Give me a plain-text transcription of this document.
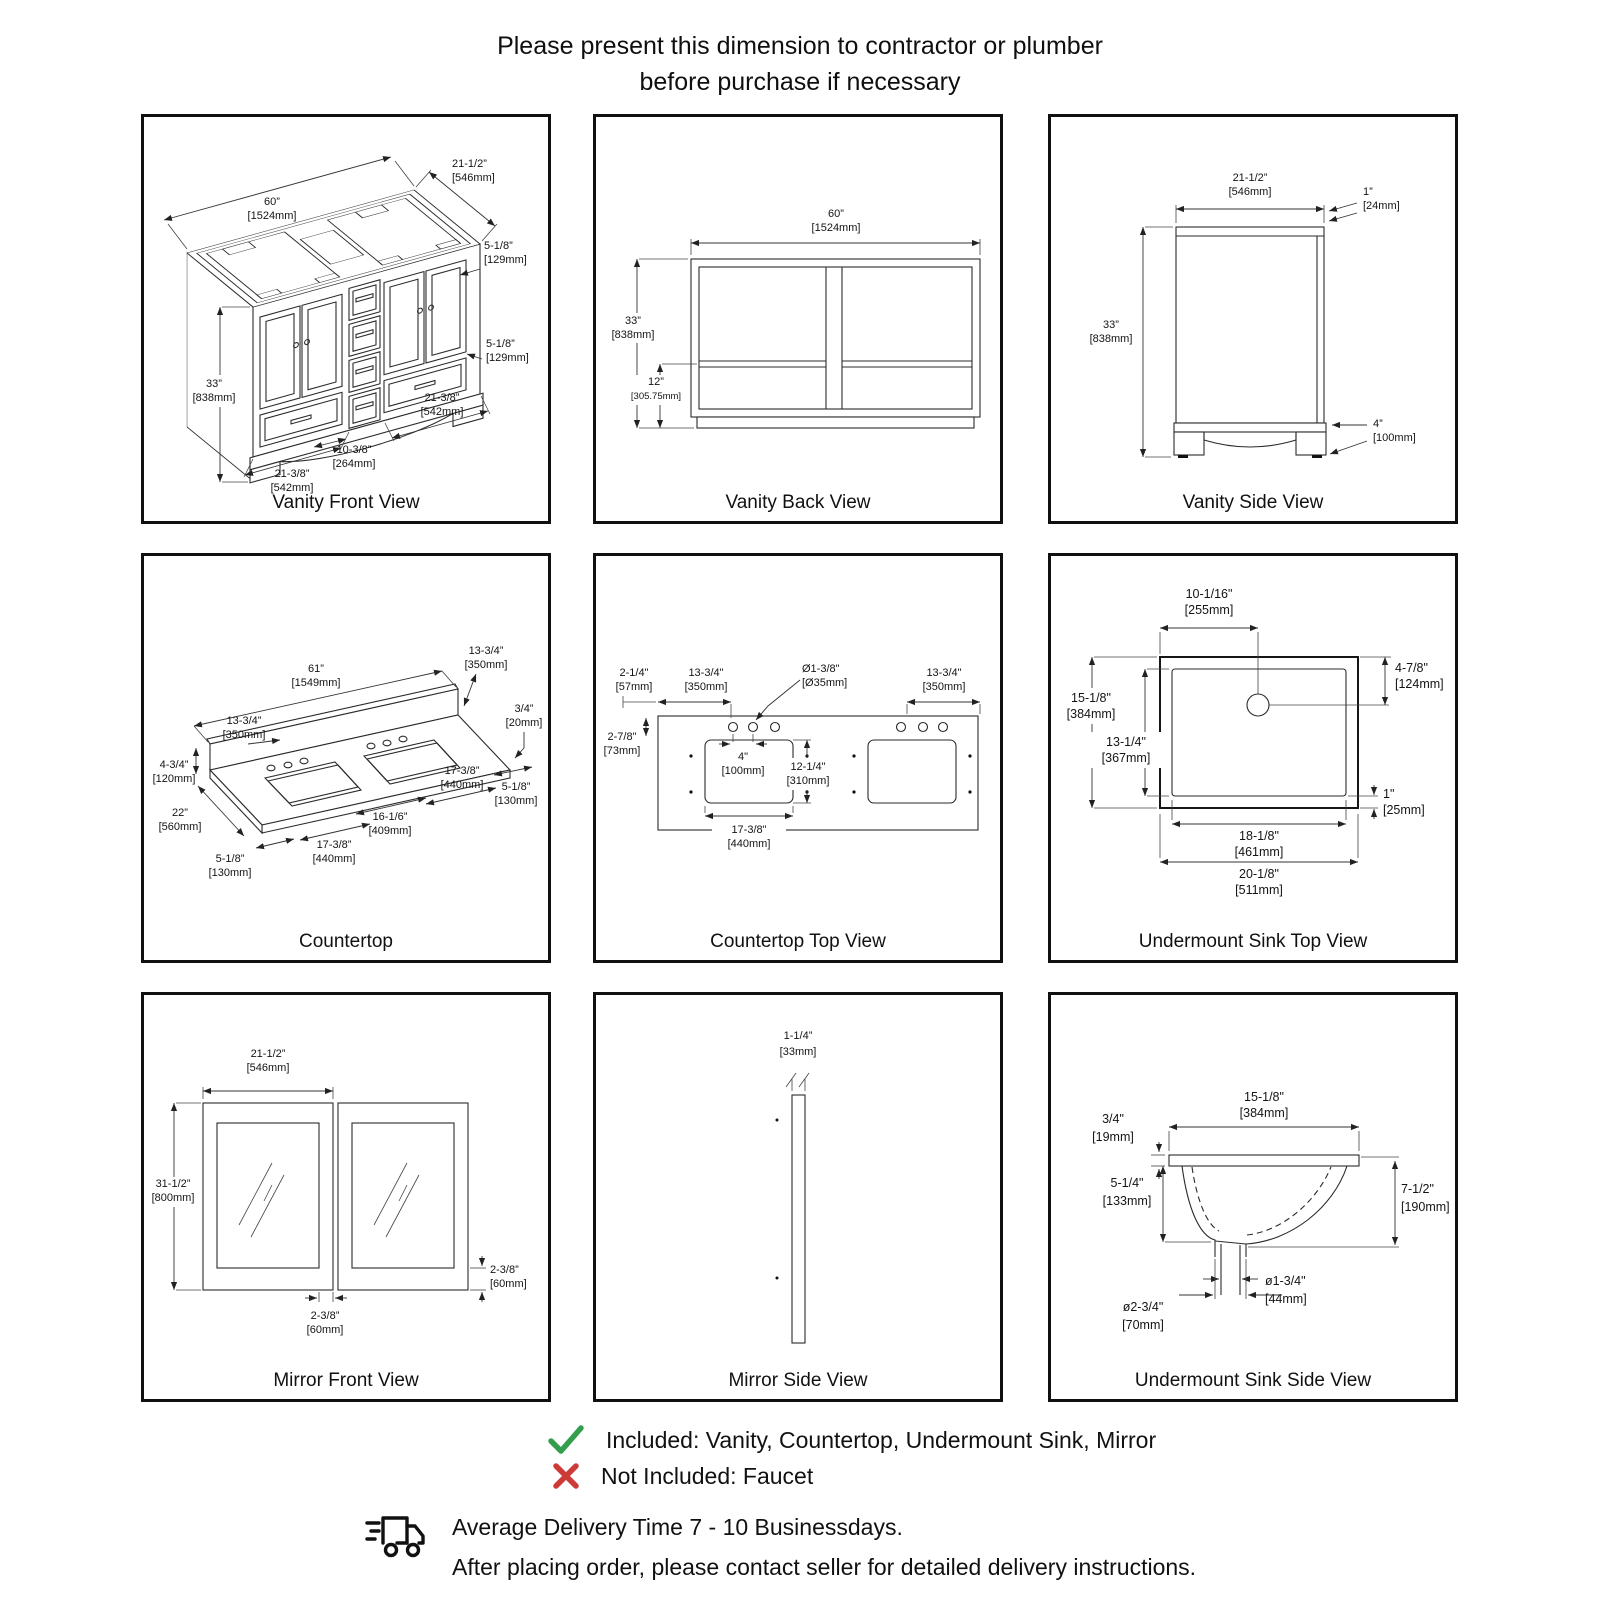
Please present this dimension to contractor or plumber
before purchase if necessary
60”
[1524mm]
21-1/2”
[546mm]
5-1/8”
[129mm]
33”
[838mm]
5-1/8”
[129mm]
21-3/8”
[542mm]
10-3/8”
[264mm]
21-3/8”
[542mm]
Vanity Front View
60”
[1524mm]
33”
[838mm]
12”
[305.75mm]
Vanity Back View
21-1/2”
[546mm]	1”
[24mm]
33”
[838mm]
4”
[100mm]
Vanity Side View
61”
[1549mm]
13-3/4”
[350mm]
13-3/4”
[350mm]
3/4”
[20mm]
4-3/4”
[120mm]
5-1/8”
[130mm]
17-3/8”
[440mm]
16-1/6”
[409mm]
22”
[560mm]
17-3/8”
[440mm]
5-1/8”
[130mm]
Countertop
2-1/4"
[57mm]
13-3/4"
[350mm]
Ø1-3/8"
[Ø35mm]
13-3/4"
[350mm]
2-7/8"
[73mm]	4"
[100mm] 12-1/4"
[310mm]
17-3/8"
[440mm]
Countertop Top View
10-1/16"
[255mm]
4-7/8"
[124mm]
15-1/8"
[384mm]
13-1/4"
[367mm]
1"
[25mm]
18-1/8"
[461mm]
20-1/8"
[511mm]
Undermount Sink Top View
21-1/2”
[546mm]
31-1/2”
[800mm]
2-3/8”
[60mm]
2-3/8”
[60mm]
Mirror Front View
1-1/4”
[33mm]
Mirror Side View
15-1/8"
[384mm]
3/4"
[19mm]
5-1/4"
[133mm]
7-1/2"
[190mm]
ø1-3/4"
[44mm]
ø2-3/4"
[70mm]
Undermount Sink Side View
Included: Vanity, Countertop, Undermount Sink, Mirror
Not Included: Faucet
Average Delivery Time 7 - 10 Businessdays.
After placing order, please contact seller for detailed delivery instructions.
